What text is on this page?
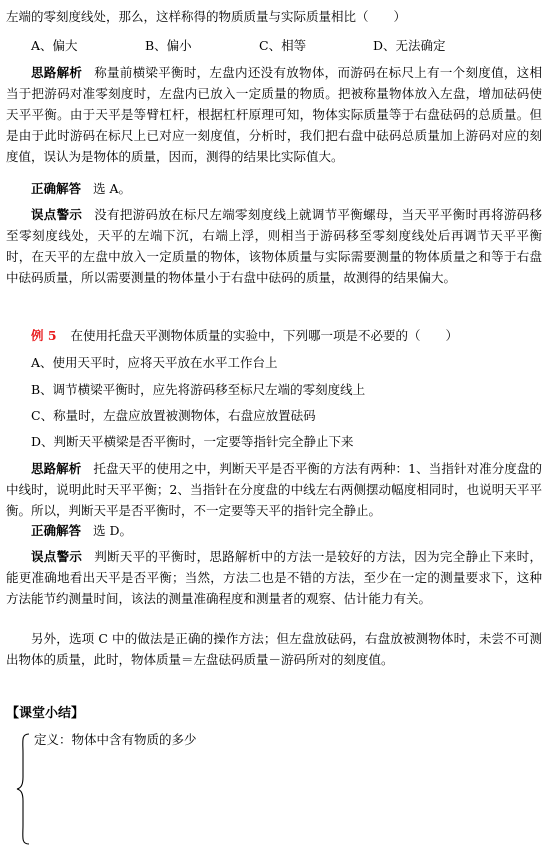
左端的零刻度线处，那么，这样称得的物质质量与实际质量相比（　　）
A、偏大	B、偏小	C、相等	D、无法确定
思路解析 称量前横梁平衡时，左盘内还没有放物体，而游码在标尺上有一个刻度值，这相当于把游码对准零刻度时，左盘内已放入一定质量的物质。把被称量物体放入左盘，增加砝码使天平平衡。由于天平是等臂杠杆，根据杠杆原理可知，物体实际质量等于右盘砝码的总质量。但是由于此时游码在标尺上已对应一刻度值，分析时，我们把右盘中砝码总质量加上游码对应的刻度值，误认为是物体的质量，因而，测得的结果比实际值大。
正确解答 选 A。
误点警示 没有把游码放在标尺左端零刻度线上就调节平衡螺母，当天平平衡时再将游码移至零刻度线处，天平的左端下沉，右端上浮，则相当于游码移至零刻度线处后再调节天平平衡时，在天平的左盘中放入一定质量的物体，该物体质量与实际需要测量的物体质量之和等于右盘中砝码质量，所以需要测量的物体量小于右盘中砝码的质量，故测得的结果偏大。
例 5 在使用托盘天平测物体质量的实验中，下列哪一项是不必要的（　　）
A、使用天平时，应将天平放在水平工作台上
B、调节横梁平衡时，应先将游码移至标尺左端的零刻度线上
C、称量时，左盘应放置被测物体，右盘应放置砝码
D、判断天平横梁是否平衡时，一定要等指针完全静止下来
思路解析 托盘天平的使用之中，判断天平是否平衡的方法有两种：1、当指针对准分度盘的中线时，说明此时天平平衡；2、当指针在分度盘的中线左右两侧摆动幅度相同时，也说明天平平衡。所以，判断天平是否平衡时，不一定要等天平的指针完全静止。
正确解答 选 D。
误点警示 判断天平的平衡时，思路解析中的方法一是较好的方法，因为完全静止下来时，能更准确地看出天平是否平衡；当然，方法二也是不错的方法，至少在一定的测量要求下，这种方法能节约测量时间，该法的测量准确程度和测量者的观察、估计能力有关。
另外，选项 C 中的做法是正确的操作方法；但左盘放砝码，右盘放被测物体时，未尝不可测出物体的质量，此时，物体质量＝左盘砝码质量－游码所对的刻度值。
【课堂小结】
定义：物体中含有物质的多少
